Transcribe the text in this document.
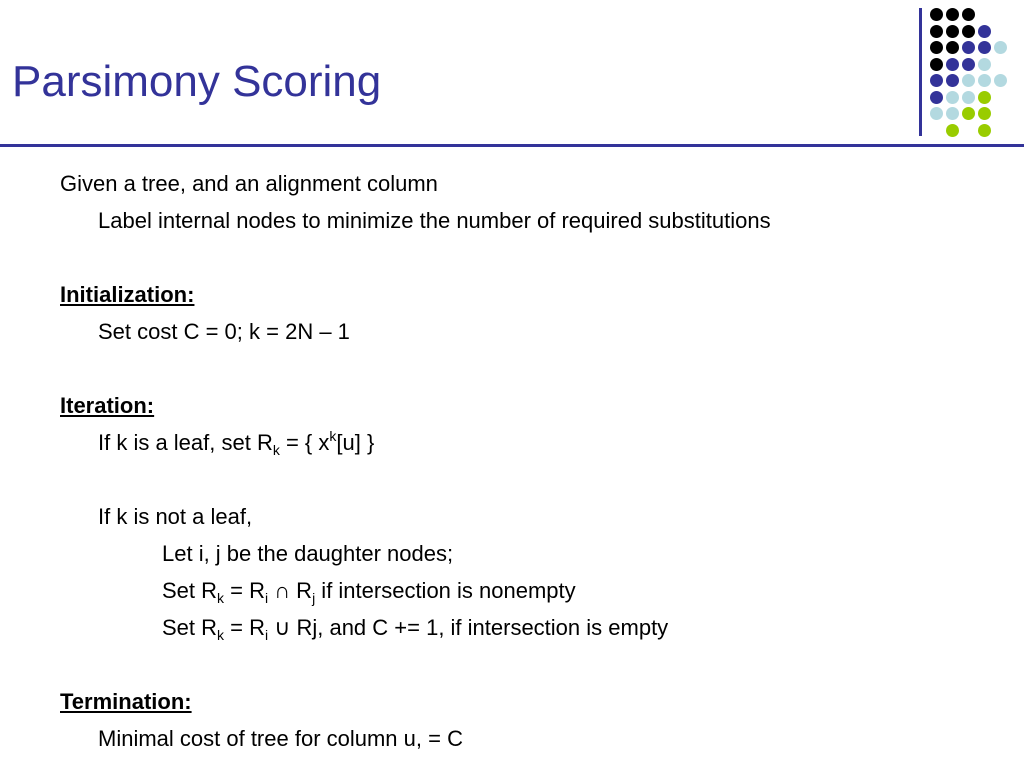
Parsimony Scoring
Given a tree, and an alignment column
Label internal nodes to minimize the number of required substitutions
Initialization:
Set cost C = 0; k = 2N – 1
Iteration:
If k is a leaf, set $R_k$ = { $x^k[u]$ }
If k is not a leaf,
Let i, j be the daughter nodes;
Set $R_k = R_i$ ∩ $R_j$ if intersection is nonempty
Set $R_k = R_i$ ∪ Rj, and C += 1, if intersection is empty
Termination:
Minimal cost of tree for column u, = C
